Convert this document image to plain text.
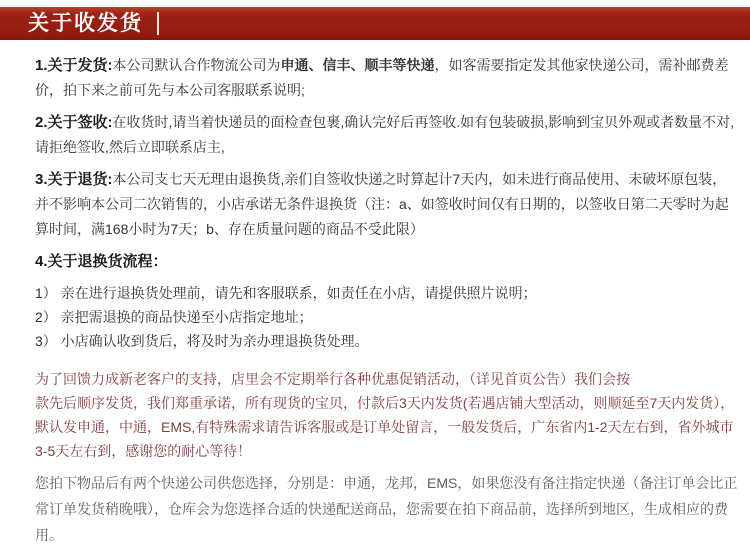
关于收发货

1.关于发货:本公司默认合作物流公司为申通、信丰、顺丰等快递，如客需要指定发其他家快递公司，需补邮费差价，拍下来之前可先与本公司客服联系说明;

2.关于签收:在收货时,请当着快递员的面检查包裹,确认完好后再签收.如有包装破损,影响到宝贝外观或者数量不对,请拒绝签收,然后立即联系店主,

3.关于退货:本公司支七天无理由退换货,亲们自签收快递之时算起计7天内，如未进行商品使用、未破坏原包装，并不影响本公司二次销售的，小店承诺无条件退换货（注：a、如签收时间仅有日期的，以签收日第二天零时为起算时间，满168小时为7天；b、存在质量问题的商品不受此限）

4.关于退换货流程：

1） 亲在进行退换货处理前，请先和客服联系，如责任在小店，请提供照片说明；
2） 亲把需退换的商品快递至小店指定地址；
3） 小店确认收到货后，将及时为亲办理退换货处理。

为了回馈力成新老客户的支持，店里会不定期举行各种优惠促销活动，（详见首页公告）我们会按
款先后顺序发货，我们郑重承诺，所有现货的宝贝，付款后3天内发货(若遇店铺大型活动，则顺延至7天内发货），默认发申通，中通，EMS,有特殊需求请告诉客服或是订单处留言，一般发货后，广东省内1-2天左右到，省外城市3-5天左右到，感谢您的耐心等待！

您拍下物品后有两个快递公司供您选择，分别是：申通，龙邦，EMS，如果您没有备注指定快递（备注订单会比正常订单发货稍晚哦），仓库会为您选择合适的快递配送商品，您需要在拍下商品前，选择所到地区，生成相应的费用。
